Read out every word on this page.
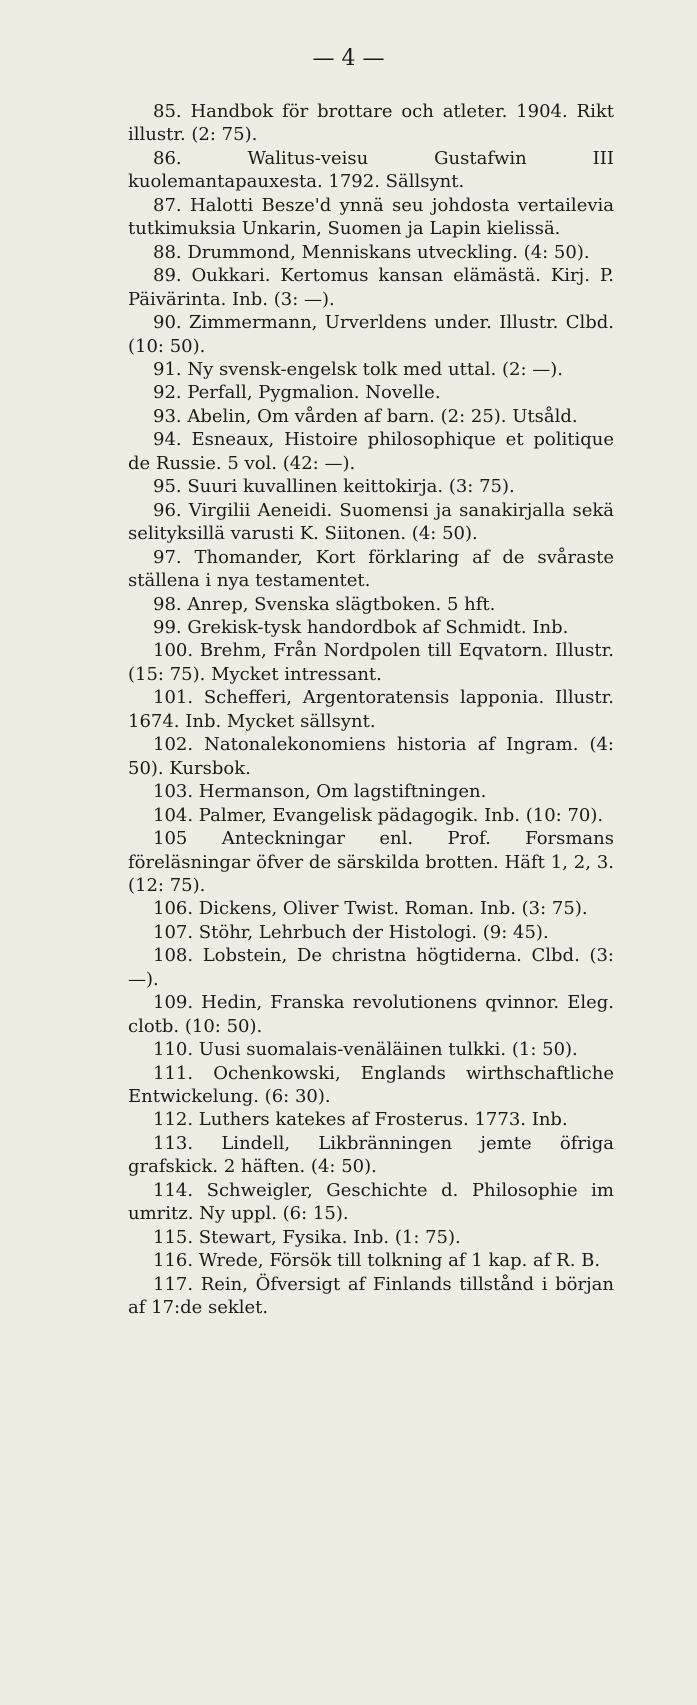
— 4 —

85. Handbok för brottare och atleter. 1904. Rikt illustr. (2: 75).

86. Walitus-veisu Gustafwin III kuolemantapauxesta. 1792. Sällsynt.

87. Halotti Besze'd ynnä seu johdosta vertailevia tutkimuksia Unkarin, Suomen ja Lapin kielissä.

88. Drummond, Menniskans utveckling. (4: 50).

89. Oukkari. Kertomus kansan elämästä. Kirj. P. Päivärinta. Inb. (3: —).

90. Zimmermann, Urverldens under. Illustr. Clbd. (10: 50).

91. Ny svensk-engelsk tolk med uttal. (2: —).

92. Perfall, Pygmalion. Novelle.

93. Abelin, Om vården af barn. (2: 25). Utsåld.

94. Esneaux, Histoire philosophique et politique de Russie. 5 vol. (42: —).

95. Suuri kuvallinen keittokirja. (3: 75).

96. Virgilii Aeneidi. Suomensi ja sanakirjalla sekä selityksillä varusti K. Siitonen. (4: 50).

97. Thomander, Kort förklaring af de svåraste ställena i nya testamentet.

98. Anrep, Svenska slägtboken. 5 hft.

99. Grekisk-tysk handordbok af Schmidt. Inb.

100. Brehm, Från Nordpolen till Eqvatorn. Illustr. (15: 75). Mycket intressant.

101. Schefferi, Argentoratensis lapponia. Illustr. 1674. Inb. Mycket sällsynt.

102. Natonalekonomiens historia af Ingram. (4: 50). Kursbok.

103. Hermanson, Om lagstiftningen.

104. Palmer, Evangelisk pädagogik. Inb. (10: 70).

105 Anteckningar enl. Prof. Forsmans föreläsningar öfver de särskilda brotten. Häft 1, 2, 3. (12: 75).

106. Dickens, Oliver Twist. Roman. Inb. (3: 75).

107. Stöhr, Lehrbuch der Histologi. (9: 45).

108. Lobstein, De christna högtiderna. Clbd. (3: —).

109. Hedin, Franska revolutionens qvinnor. Eleg. clotb. (10: 50).

110. Uusi suomalais-venäläinen tulkki. (1: 50).

111. Ochenkowski, Englands wirthschaftliche Entwickelung. (6: 30).

112. Luthers katekes af Frosterus. 1773. Inb.

113. Lindell, Likbränningen jemte öfriga grafskick. 2 häften. (4: 50).

114. Schweigler, Geschichte d. Philosophie im umritz. Ny uppl. (6: 15).

115. Stewart, Fysika. Inb. (1: 75).

116. Wrede, Försök till tolkning af 1 kap. af R. B.

117. Rein, Öfversigt af Finlands tillstånd i början af 17:de seklet.
